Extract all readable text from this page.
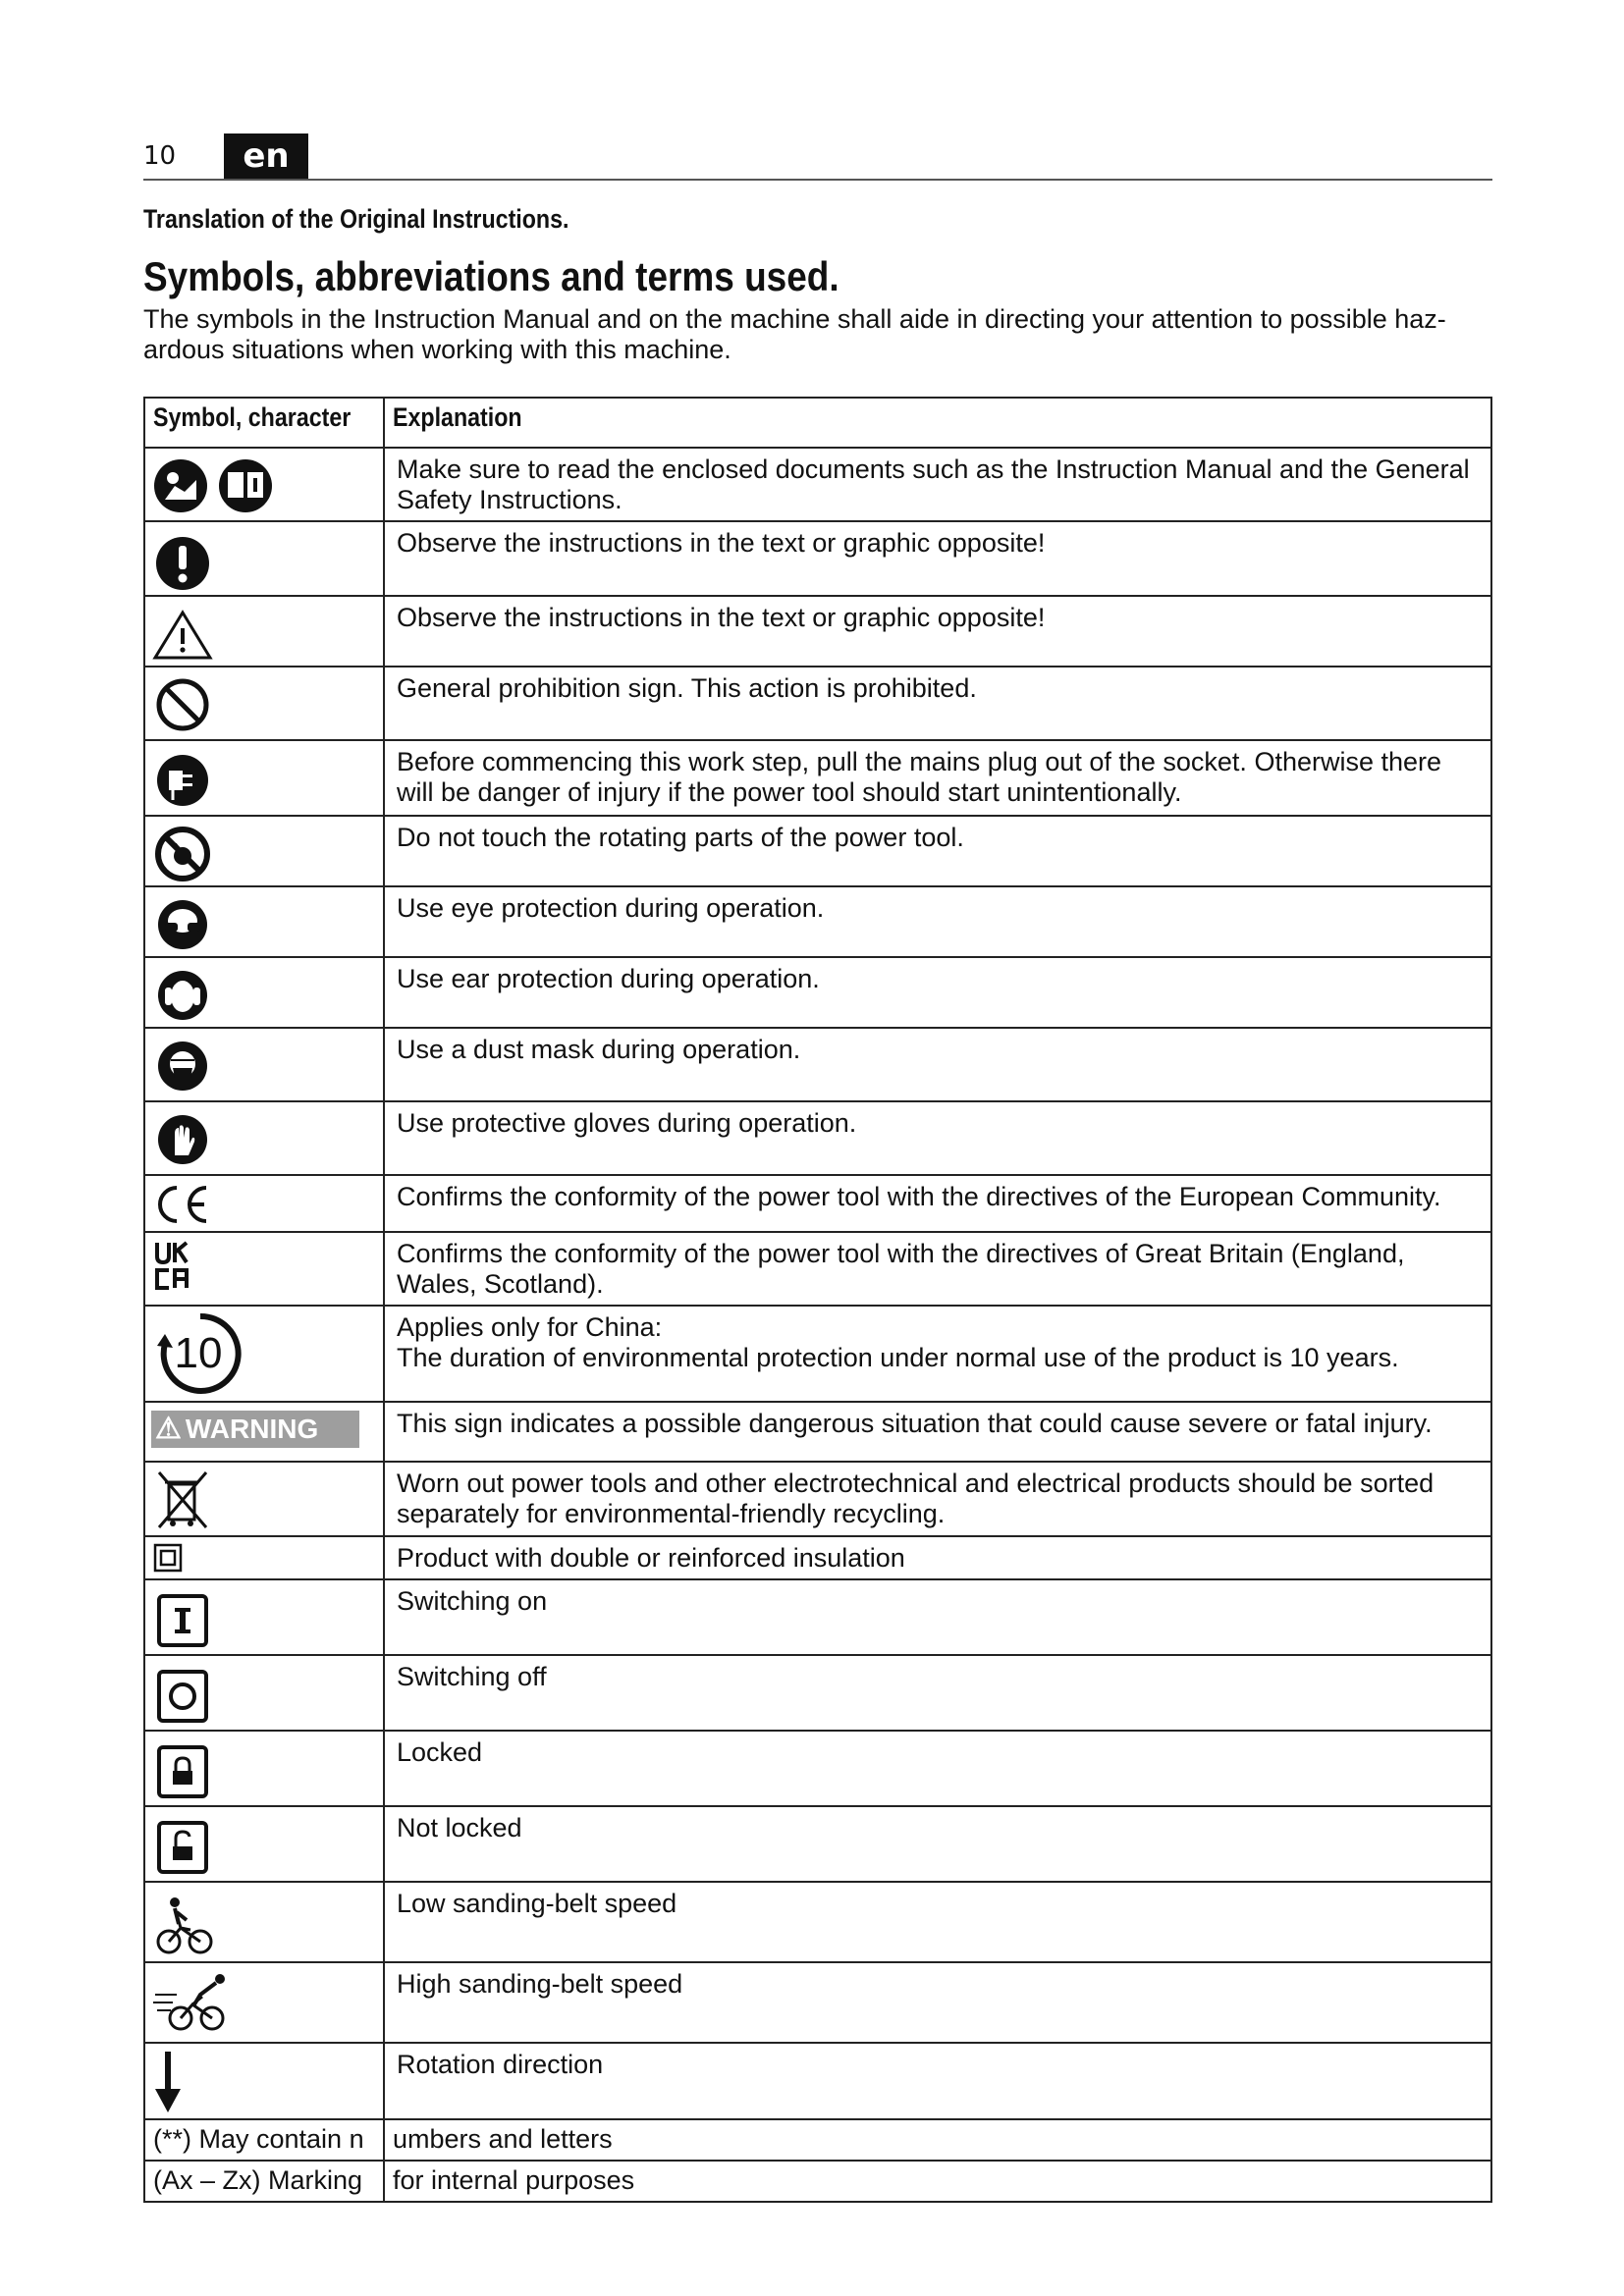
10	en
Translation of the Original Instructions.
Symbols, abbreviations and terms used.
The symbols in the Instruction Manual and on the machine shall aide in directing your attention to possible haz- ardous situations when working with this machine.
Symbol, character	Explanation

	Make sure to read the enclosed documents such as the Instruction Manual and the General Safety Instructions.

	Observe the instructions in the text or graphic opposite!

	Observe the instructions in the text or graphic opposite!

	General prohibition sign. This action is prohibited.

	Before commencing this work step, pull the mains plug out of the socket. Otherwise there will be danger of injury if the power tool should start unintentionally.

	Do not touch the rotating parts of the power tool.

	Use eye protection during operation.

	Use ear protection during operation.

	Use a dust mask during operation.

	Use protective gloves during operation.

	Confirms the conformity of the power tool with the directives of the European Community.

	Confirms the conformity of the power tool with the directives of Great Britain (England, Wales, Scotland).

10	Applies only for China:
The duration of environmental protection under normal use of the product is 10 years.

⚠ WARNING	This sign indicates a possible dangerous situation that could cause severe or fatal injury.

	Worn out power tools and other electrotechnical and electrical products should be sorted separately for environmental-friendly recycling.

	Product with double or reinforced insulation

	Switching on

	Switching off

	Locked

	Not locked

	Low sanding-belt speed

	High sanding-belt speed

	Rotation direction
(**) May contain n	umbers and letters
(Ax – Zx) Marking	for internal purposes
